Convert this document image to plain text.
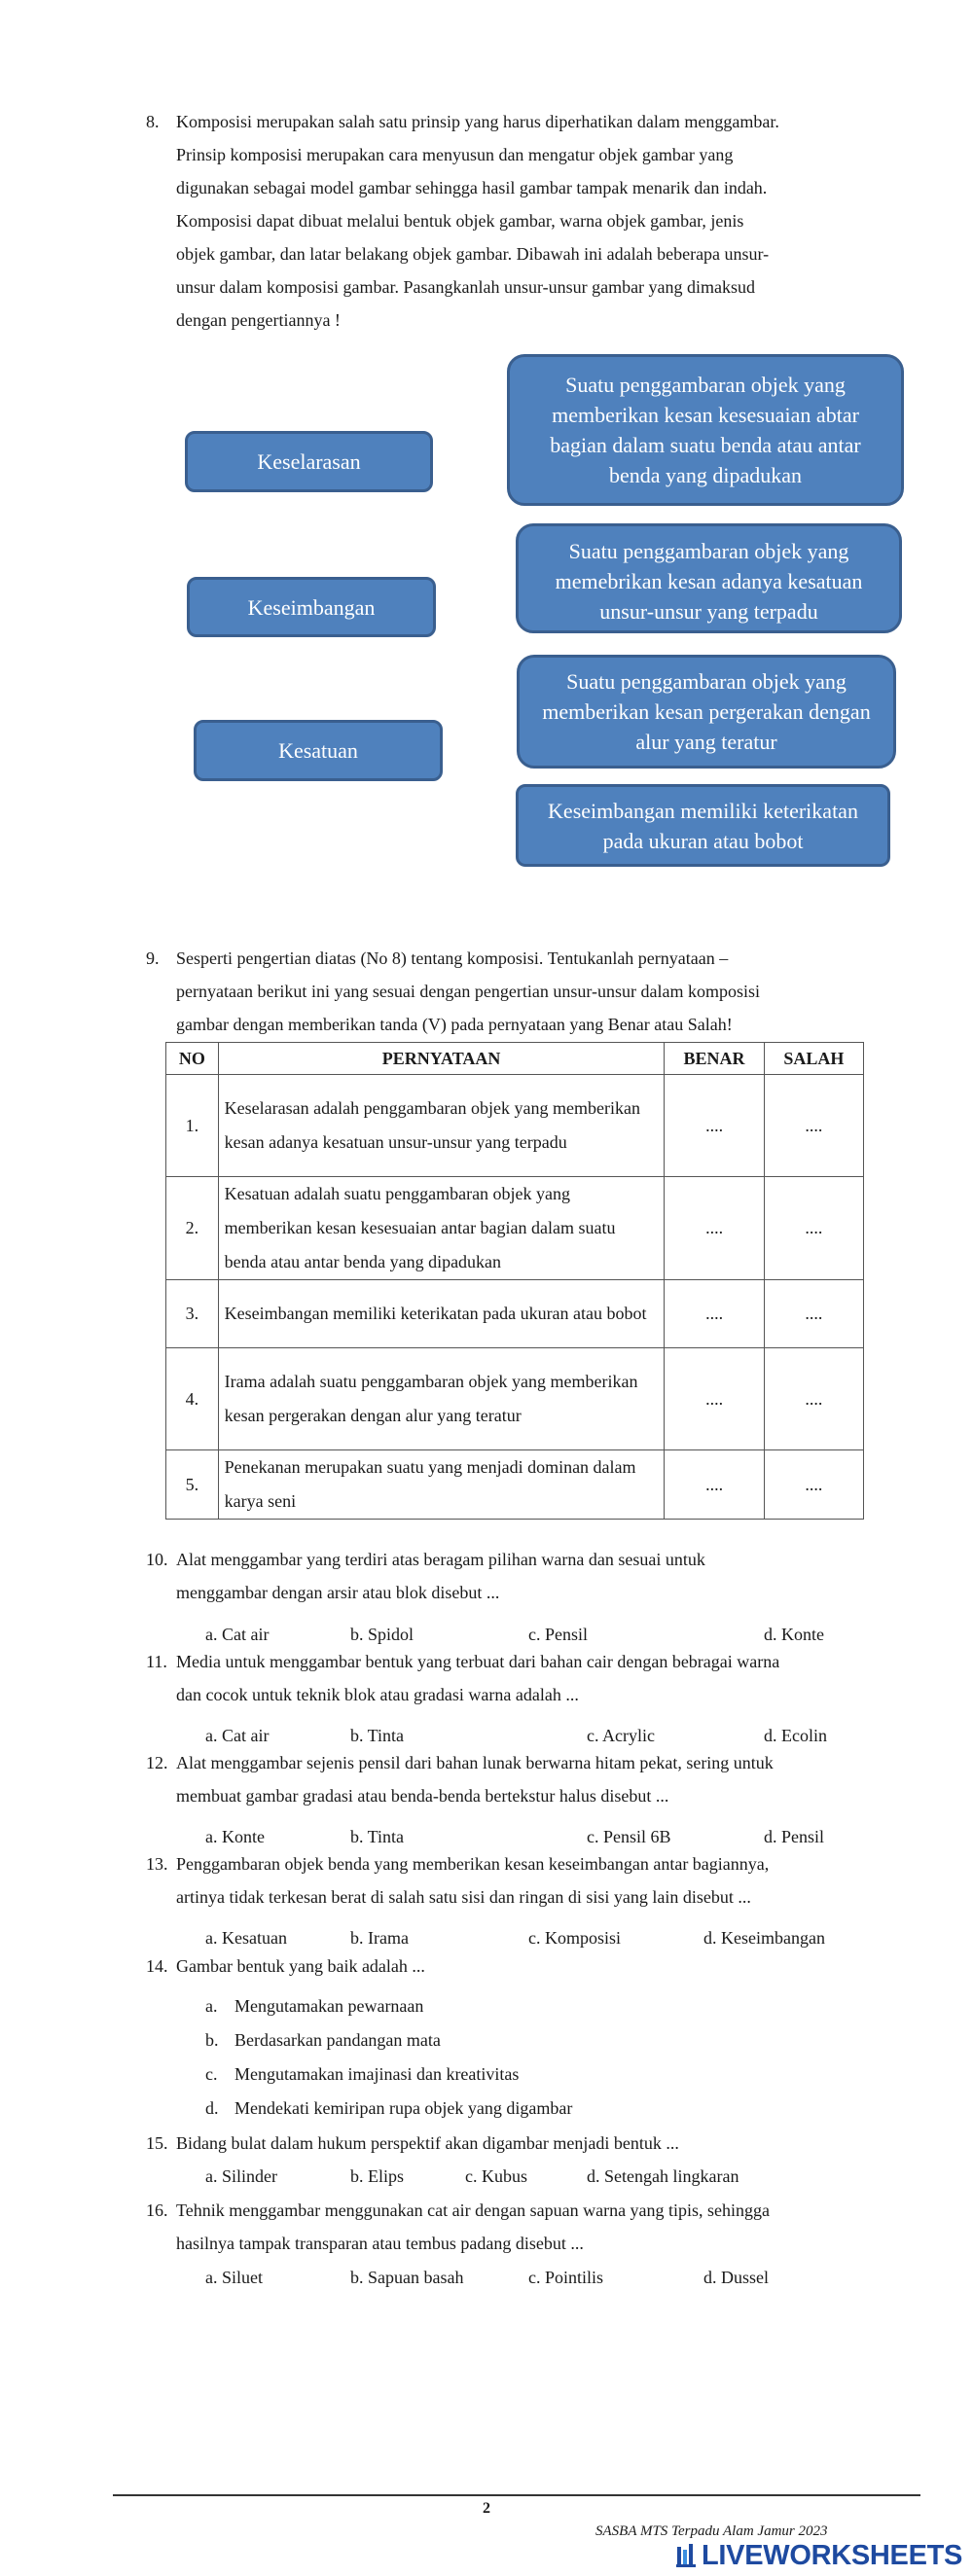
8. Komposisi merupakan salah satu prinsip yang harus diperhatikan dalam menggambar.
Prinsip komposisi merupakan cara menyusun dan mengatur objek gambar yang
digunakan sebagai model gambar sehingga hasil gambar tampak menarik dan indah.
Komposisi dapat dibuat melalui bentuk objek gambar, warna objek gambar, jenis
objek gambar, dan latar belakang objek gambar. Dibawah ini adalah beberapa unsur-
unsur dalam komposisi gambar. Pasangkanlah unsur-unsur gambar yang dimaksud
dengan pengertiannya !
Keselarasan
Keseimbangan
Kesatuan
Suatu penggambaran objek yang memberikan kesan kesesuaian abtar bagian dalam suatu benda atau antar benda yang dipadukan
Suatu penggambaran objek yang memebrikan kesan adanya kesatuan unsur-unsur yang terpadu
Suatu penggambaran objek yang memberikan kesan pergerakan dengan alur yang teratur
Keseimbangan memiliki keterikatan pada ukuran atau bobot
9. Sesperti pengertian diatas (No 8) tentang komposisi. Tentukanlah pernyataan –
pernyataan berikut ini yang sesuai dengan pengertian unsur-unsur dalam komposisi
gambar dengan memberikan tanda (V) pada pernyataan yang Benar atau Salah!
NO	PERNYATAAN	BENAR	SALAH
1.	Keselarasan adalah penggambaran objek yang memberikan kesan adanya kesatuan unsur-unsur yang terpadu	....	....
2.	Kesatuan adalah suatu penggambaran objek yang memberikan kesan kesesuaian antar bagian dalam suatu benda atau antar benda yang dipadukan	....	....
3.	Keseimbangan memiliki keterikatan pada ukuran atau bobot	....	....
4.	Irama adalah suatu penggambaran objek yang memberikan kesan pergerakan dengan alur yang teratur	....	....
5.	Penekanan merupakan suatu yang menjadi dominan dalam karya seni	....	....
10. Alat menggambar yang terdiri atas beragam pilihan warna dan sesuai untuk
menggambar dengan arsir atau blok disebut ...
a. Cat air	b. Spidol	c. Pensil	d. Konte
11. Media untuk menggambar bentuk yang terbuat dari bahan cair dengan bebragai warna
dan cocok untuk teknik blok atau gradasi warna adalah ...
a. Cat air	b. Tinta	c. Acrylic	d. Ecolin
12. Alat menggambar sejenis pensil dari bahan lunak berwarna hitam pekat, sering untuk
membuat gambar gradasi atau benda-benda bertekstur halus disebut ...
a. Konte	b. Tinta	c. Pensil 6B	d. Pensil
13. Penggambaran objek benda yang memberikan kesan keseimbangan antar bagiannya,
artinya tidak terkesan berat di salah satu sisi dan ringan di sisi yang lain disebut ...
a. Kesatuan	b. Irama	c. Komposisi	d. Keseimbangan
14. Gambar bentuk yang baik adalah ...
a. Mengutamakan pewarnaan
b. Berdasarkan pandangan mata
c. Mengutamakan imajinasi dan kreativitas
d. Mendekati kemiripan rupa objek yang digambar
15. Bidang bulat dalam hukum perspektif akan digambar menjadi bentuk ...
a. Silinder	b. Elips	c. Kubus	d. Setengah lingkaran
16. Tehnik menggambar menggunakan cat air dengan sapuan warna yang tipis, sehingga
hasilnya tampak transparan atau tembus padang disebut ...
a. Siluet	b. Sapuan basah	c. Pointilis	d. Dussel
2
SASBA MTS Terpadu Alam Jamur 2023
LIVEWORKSHEETS
